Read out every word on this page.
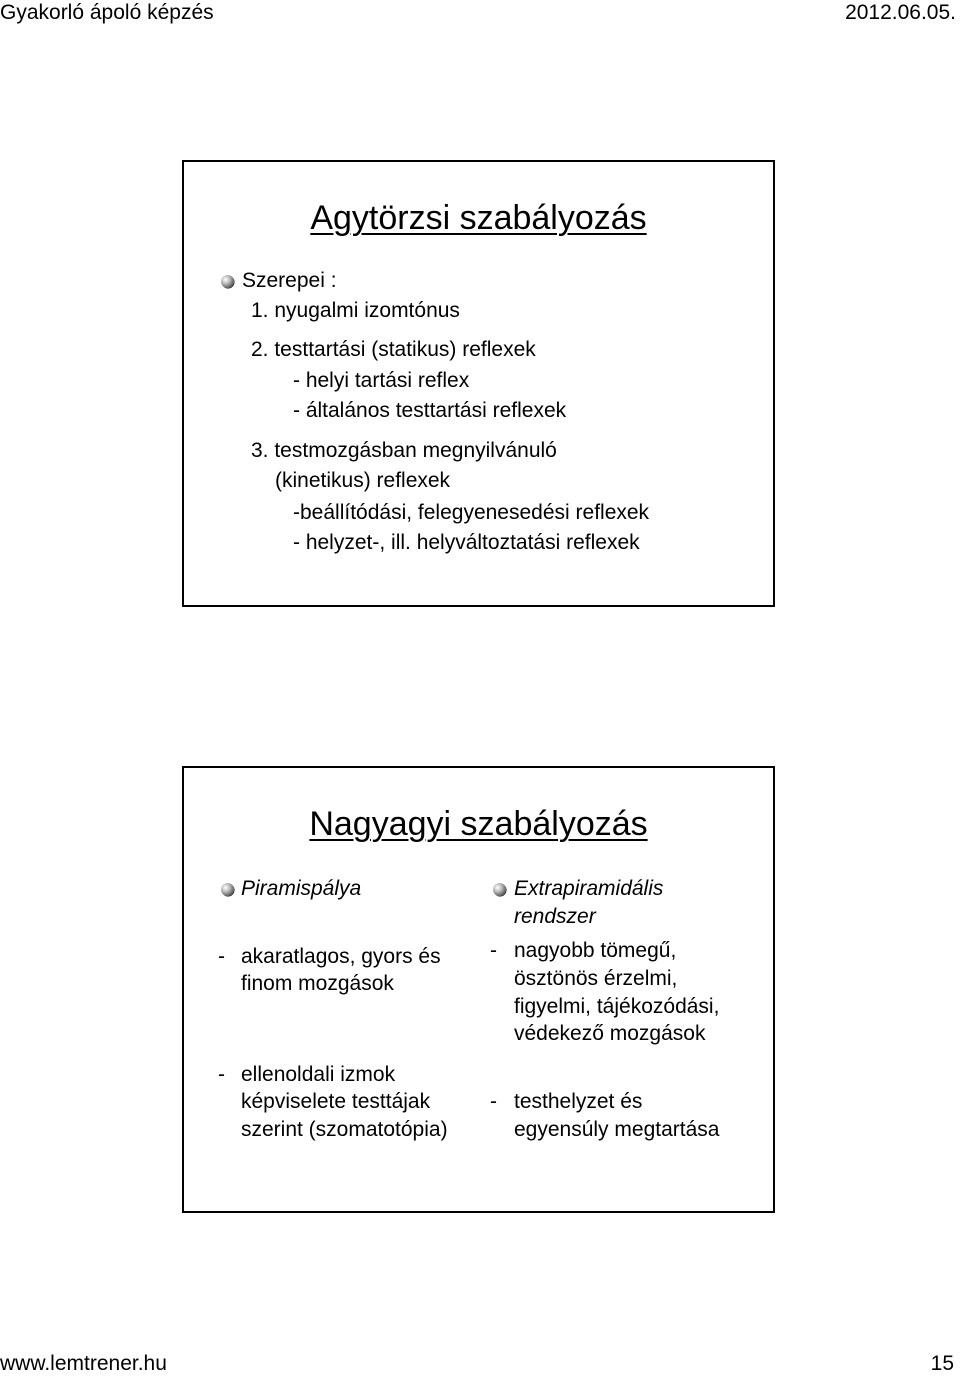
Gyakorló ápoló képzés	2012.06.05.
Agytörzsi szabályozás
Szerepei :
1. nyugalmi izomtónus
2. testtartási (statikus) reflexek
- helyi tartási reflex
- általános testtartási reflexek
3. testmozgásban megnyilvánuló
(kinetikus) reflexek
-beállítódási, felegyenesedési reflexek
- helyzet-, ill. helyváltoztatási reflexek
Nagyagyi szabályozás
Piramispálya
- akaratlagos, gyors és
finom mozgások
- ellenoldali izmok
képviselete testtájak
szerint (szomatotópia)
Extrapiramidális
rendszer
- nagyobb tömegű,
ösztönös érzelmi,
figyelmi, tájékozódási,
védekező mozgások
- testhelyzet és
egyensúly megtartása
www.lemtrener.hu	15
